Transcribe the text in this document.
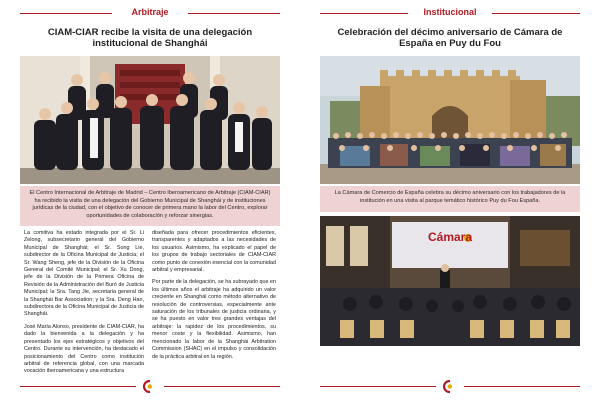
Arbitraje
CIAM-CIAR recibe la visita de una delegación institucional de Shanghái
El Centro Internacional de Arbitraje de Madrid – Centro Iberoamericano de Arbitraje (CIAM-CIAR) ha recibido la visita de una delegación del Gobierno Municipal de Shanghái y de instituciones jurídicas de la ciudad, con el objetivo de conocer de primera mano la labor del Centro, explorar oportunidades de colaboración y reforzar sinergias.

La comitiva ha estado integrada por el Sr. Li Zelong, subsecretario general del Gobierno Municipal de Shanghái; el Sr. Song Lie, subdirector de la Oficina Municipal de Justicia; el Sr. Wang Sheng, jefe de la División de la Oficina General del Comité Municipal; el Sr. Xu Dong, jefe de la División de la Primera Oficina de Revisión de la Administración del Buró de Justicia Municipal; la Sra. Tang Jie, secretaria general de la Shanghái Bar Association; y la Sra. Deng Han, subdirectora de la Oficina Municipal de Justicia de Shanghái.

José María Alonso, presidente de CIAM-CIAR, ha dado la bienvenida a la delegación y ha presentado los ejes estratégicos y objetivos del Centro. Durante su intervención, ha destacado el posicionamiento del Centro como institución arbitral de referencia global, con una marcada vocación iberoamericana y una estructura

diseñada para ofrecer procedimientos eficientes, transparentes y adaptados a las necesidades de los usuarios. Asimismo, ha explicado el papel de los grupos de trabajo sectoriales de CIAM-CIAR como punto de conexión esencial con la comunidad arbitral y empresarial.

Por parte de la delegación, se ha subrayado que en los últimos años el arbitraje ha adquirido un valor creciente en Shanghái como método alternativo de resolución de controversias, especialmente ante saturación de los tribunales de justicia ordinaria, y se ha puesto en valor tres grandes ventajas del arbitraje: la rapidez de los procedimientos, su menor coste y la flexibilidad. Asimismo, han mencionado la labor de la Shanghái Arbitration Commission (SHAC) en el impulso y consolidación de la práctica arbitral en la región.

Institucional
Celebración del décimo aniversario de Cámara de España en Puy du Fou
La Cámara de Comercio de España celebra su décimo aniversario con los trabajadores de la institución en una visita al parque temático histórico Puy du Fou España.
Cámara
